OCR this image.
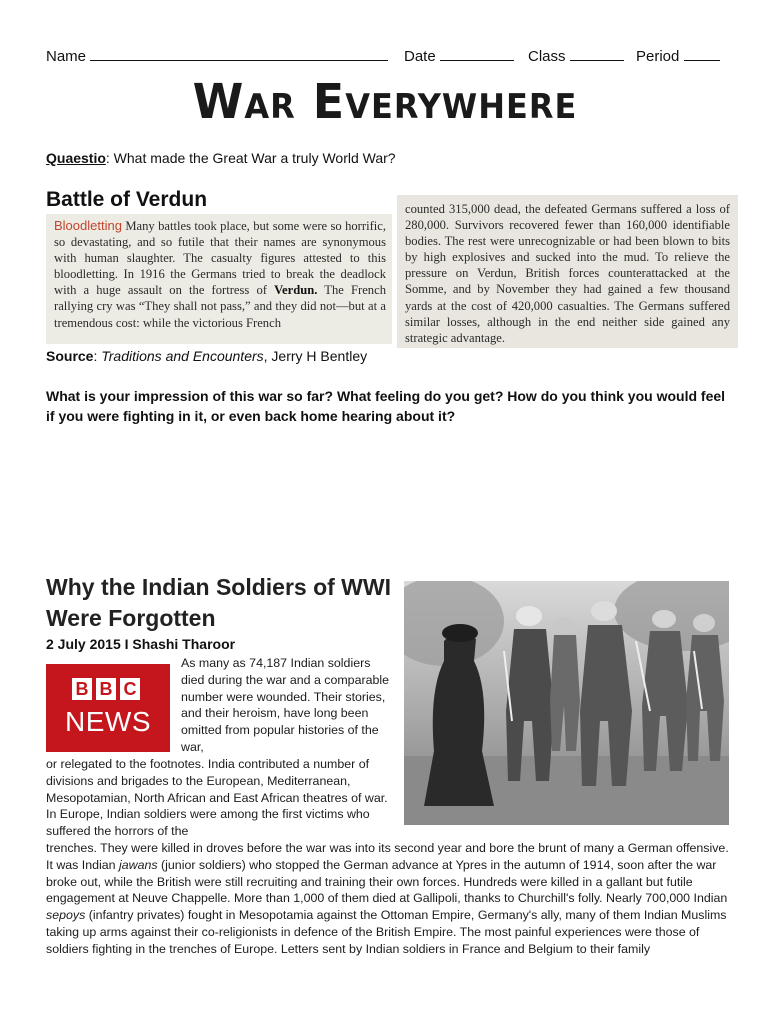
Name	Date	Class	Period
War Everywhere
Quaestio: What made the Great War a truly World War?
Battle of Verdun
Bloodletting Many battles took place, but some were so horrific, so devastating, and so futile that their names are synonymous with human slaughter. The casualty figures attested to this bloodletting. In 1916 the Germans tried to break the deadlock with a huge assault on the fortress of Verdun. The French rallying cry was “They shall not pass,” and they did not—but at a tremendous cost: while the victorious French
counted 315,000 dead, the defeated Germans suffered a loss of 280,000. Survivors recovered fewer than 160,000 identifiable bodies. The rest were unrecognizable or had been blown to bits by high explosives and sucked into the mud. To relieve the pressure on Verdun, British forces counterattacked at the Somme, and by November they had gained a few thousand yards at the cost of 420,000 casualties. The Germans suffered similar losses, although in the end neither side gained any strategic advantage.
Source: Traditions and Encounters, Jerry H Bentley
What is your impression of this war so far? What feeling do you get? How do you think you would feel if you were fighting in it, or even back home hearing about it?
Why the Indian Soldiers of WWI Were Forgotten
2 July 2015 I Shashi Tharoor
B B C
NEWS
As many as 74,187 Indian soldiers died during the war and a comparable number were wounded. Their stories, and their heroism, have long been omitted from popular histories of the war,
or relegated to the footnotes. India contributed a number of divisions and brigades to the European, Mediterranean, Mesopotamian, North African and East African theatres of war. In Europe, Indian soldiers were among the first victims who suffered the horrors of the
trenches. They were killed in droves before the war was into its second year and bore the brunt of many a German offensive. It was Indian jawans (junior soldiers) who stopped the German advance at Ypres in the autumn of 1914, soon after the war broke out, while the British were still recruiting and training their own forces. Hundreds were killed in a gallant but futile engagement at Neuve Chappelle. More than 1,000 of them died at Gallipoli, thanks to Churchill's folly. Nearly 700,000 Indian sepoys (infantry privates) fought in Mesopotamia against the Ottoman Empire, Germany's ally, many of them Indian Muslims taking up arms against their co-religionists in defence of the British Empire. The most painful experiences were those of soldiers fighting in the trenches of Europe. Letters sent by Indian soldiers in France and Belgium to their family
